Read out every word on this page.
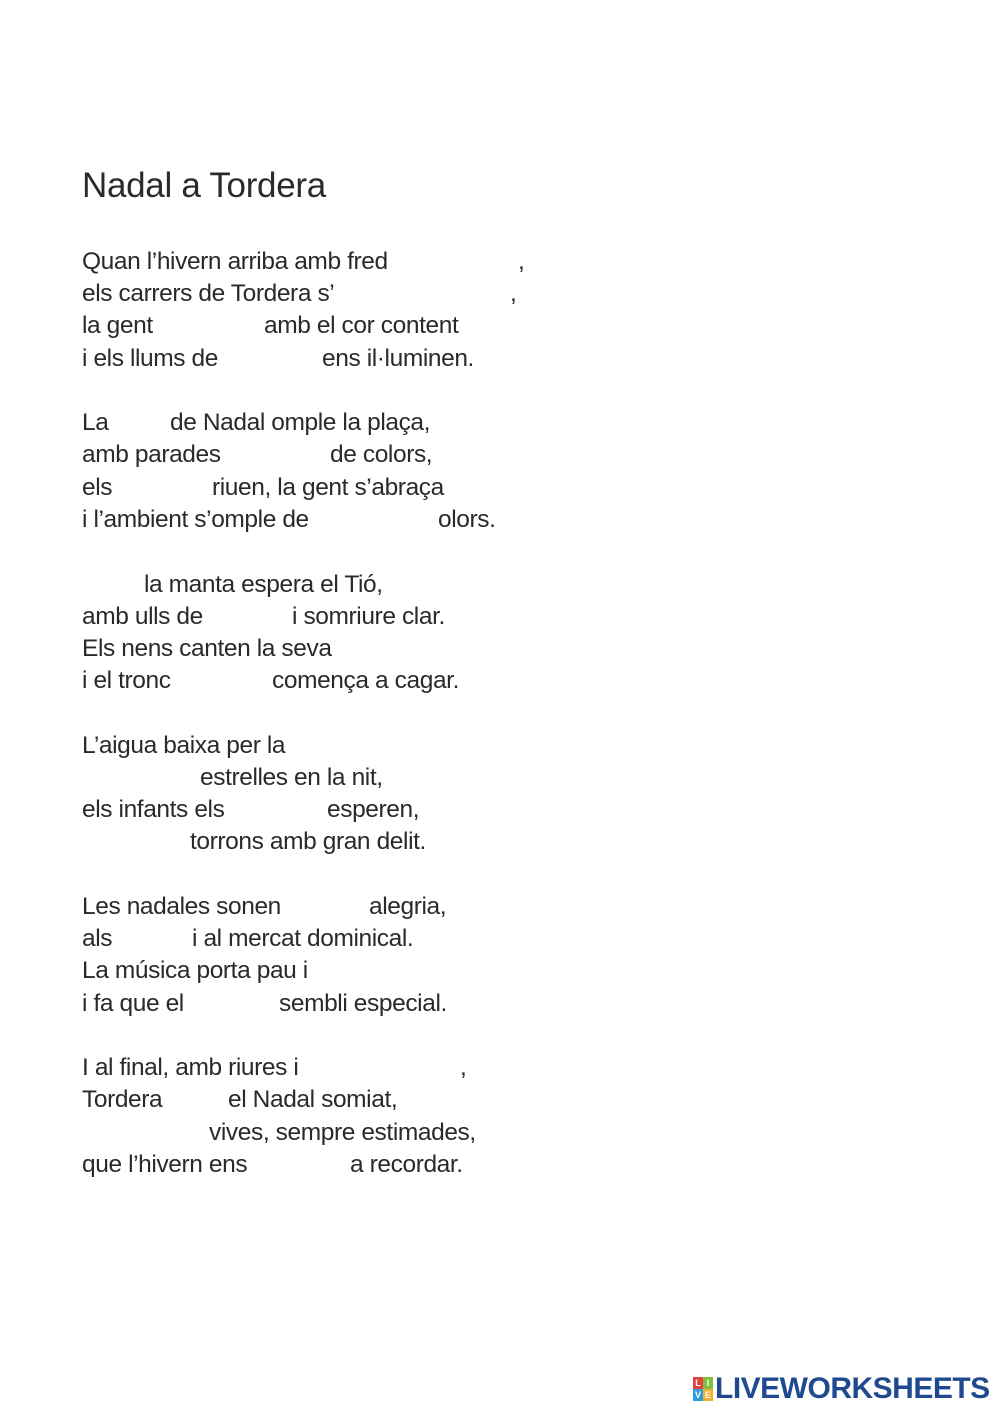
Nadal a Tordera
Quan l’hivern arriba amb fred	,
els carrers de Tordera s’	,
la gent	amb el cor content
i els llums de	ens il·luminen.
La	de Nadal omple la plaça,
amb parades	de colors,
els	riuen, la gent s’abraça
i l’ambient s’omple de	olors.
la manta espera el Tió,
amb ulls de	i somriure clar.
Els nens canten la seva
i el tronc	comença a cagar.
L’aigua baixa per la
estrelles en la nit,
els infants els	esperen,
torrons amb gran delit.
Les nadales sonen	alegria,
als	i al mercat dominical.
La música porta pau i
i fa que el	sembli especial.
I al final, amb riures i	,
Tordera	el Nadal somiat,
vives, sempre estimades,
que l’hivern ens	a recordar.
L I
V E LIVEWORKSHEETS
